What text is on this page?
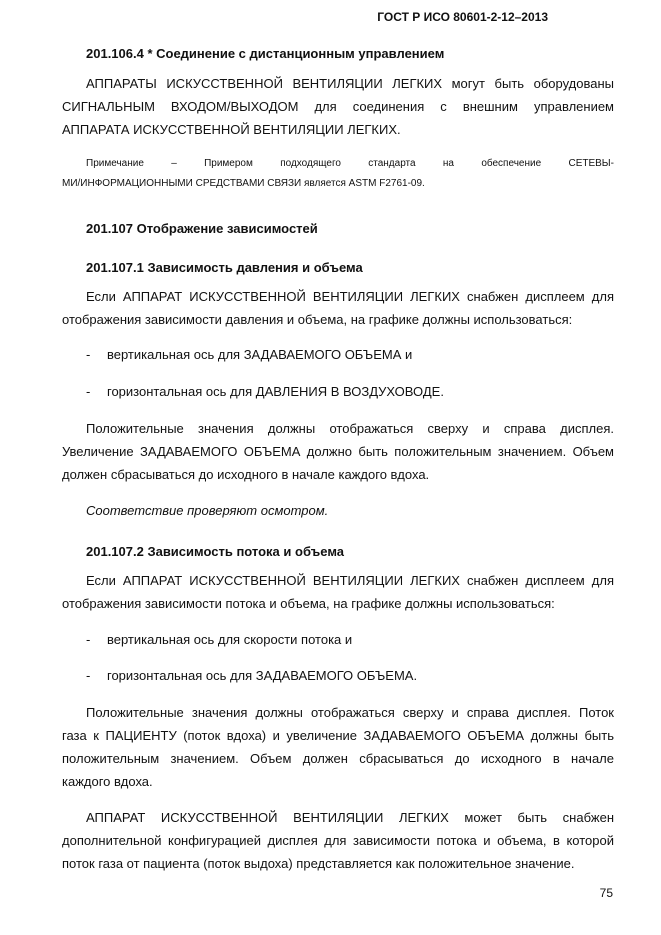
ГОСТ Р ИСО 80601-2-12–2013
201.106.4 * Соединение с дистанционным управлением
АППАРАТЫ ИСКУССТВЕННОЙ ВЕНТИЛЯЦИИ ЛЕГКИХ могут быть оборудованы
СИГНАЛЬНЫМ ВХОДОМ/ВЫХОДОМ для соединения с внешним управлением
АППАРАТА ИСКУССТВЕННОЙ ВЕНТИЛЯЦИИ ЛЕГКИХ.
Примечание – Примером подходящего стандарта на обеспечение СЕТЕВЫ-
МИ/ИНФОРМАЦИОННЫМИ СРЕДСТВАМИ СВЯЗИ является ASTM F2761-09.
201.107 Отображение зависимостей
201.107.1 Зависимость давления и объема
Если АППАРАТ ИСКУССТВЕННОЙ ВЕНТИЛЯЦИИ ЛЕГКИХ снабжен дисплеем для
отображения зависимости давления и объема, на графике должны использоваться:
- вертикальная ось для ЗАДАВАЕМОГО ОБЪЕМА и
- горизонтальная ось для ДАВЛЕНИЯ В ВОЗДУХОВОДЕ.
Положительные значения должны отображаться сверху и справа дисплея.
Увеличение ЗАДАВАЕМОГО ОБЪЕМА должно быть положительным значением. Объем
должен сбрасываться до исходного в начале каждого вдоха.
Соответствие проверяют осмотром.
201.107.2 Зависимость потока и объема
Если АППАРАТ ИСКУССТВЕННОЙ ВЕНТИЛЯЦИИ ЛЕГКИХ снабжен дисплеем для
отображения зависимости потока и объема, на графике должны использоваться:
- вертикальная ось для скорости потока и
- горизонтальная ось для ЗАДАВАЕМОГО ОБЪЕМА.
Положительные значения должны отображаться сверху и справа дисплея. Поток
газа к ПАЦИЕНТУ (поток вдоха) и увеличение ЗАДАВАЕМОГО ОБЪЕМА должны быть
положительным значением. Объем должен сбрасываться до исходного в начале
каждого вдоха.
АППАРАТ ИСКУССТВЕННОЙ ВЕНТИЛЯЦИИ ЛЕГКИХ может быть снабжен
дополнительной конфигурацией дисплея для зависимости потока и объема, в которой
поток газа от пациента (поток выдоха) представляется как положительное значение.
75
